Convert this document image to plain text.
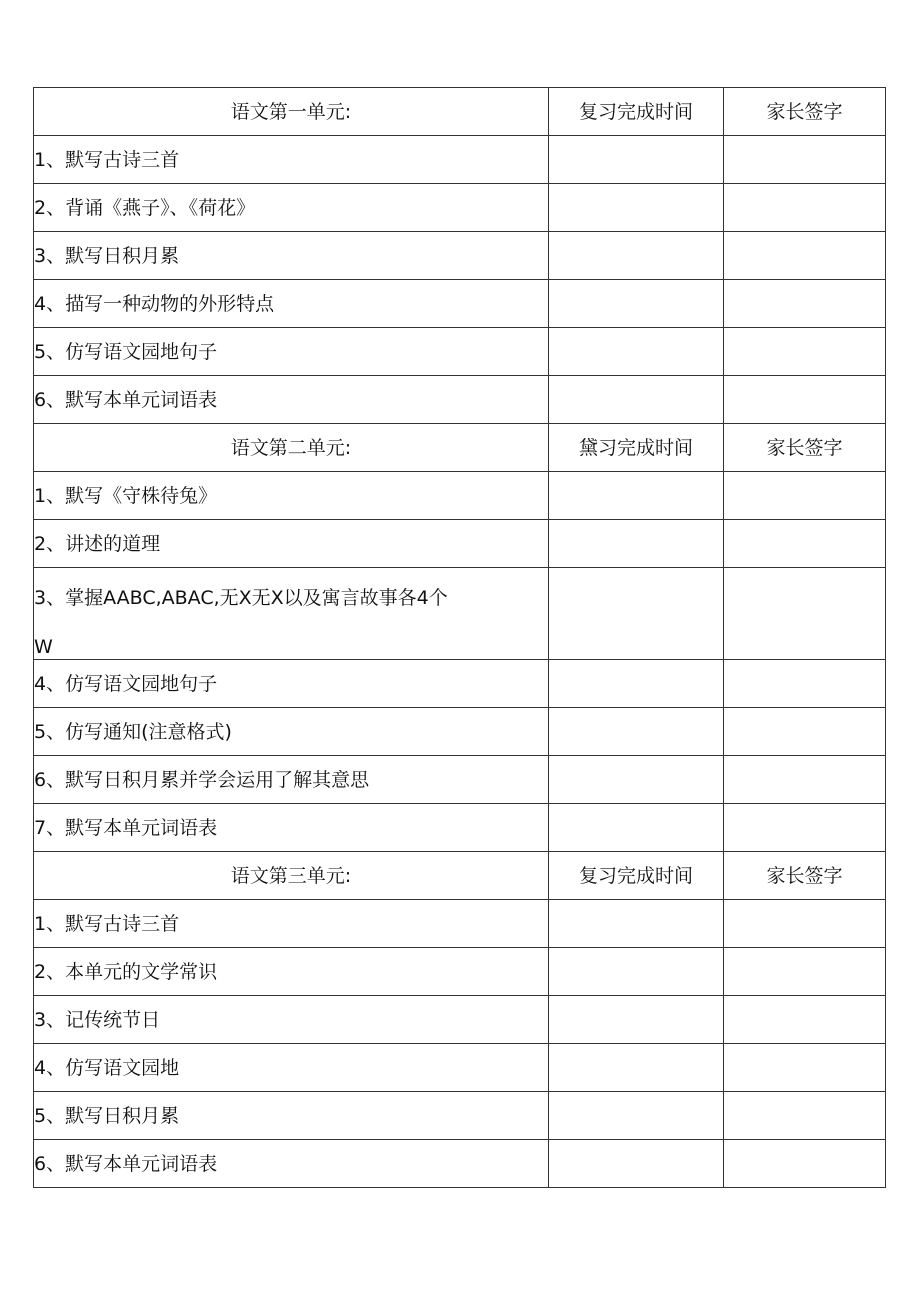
语文第一单元:	复习完成时间	家长签字
1、默写古诗三首		
2、背诵《燕子》、《荷花》		
3、默写日积月累		
4、描写一种动物的外形特点		
5、仿写语文园地句子		
6、默写本单元词语表		
语文第二单元:	黛习完成时间	家长签字
1、默写《守株待兔》		
2、讲述的道理		

3、掌握AABC,ABAC,无X无X以及寓言故事各4个
W		

4、仿写语文园地句子		
5、仿写通知(注意格式)		
6、默写日积月累并学会运用了解其意思		
7、默写本单元词语表		
语文第三单元:	复习完成时间	家长签字
1、默写古诗三首		
2、本单元的文学常识		
3、记传统节日		
4、仿写语文园地		
5、默写日积月累		
6、默写本单元词语表		
